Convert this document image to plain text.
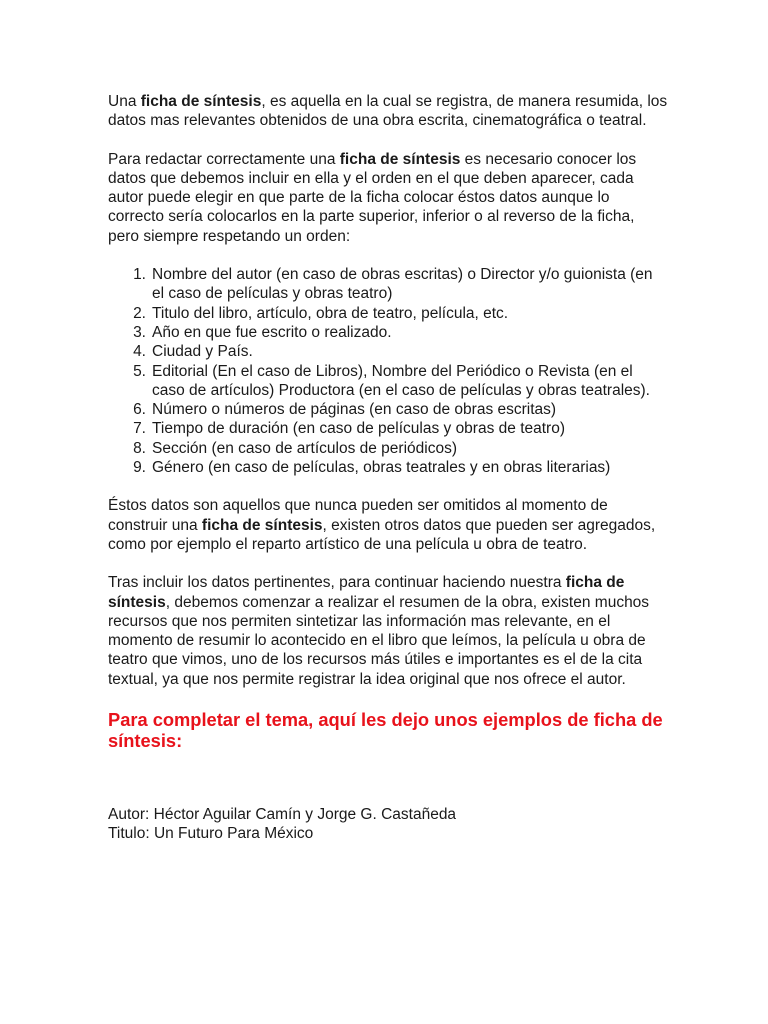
Una ficha de síntesis, es aquella en la cual se registra, de manera resumida, los datos mas relevantes obtenidos de una obra escrita, cinematográfica o teatral.

Para redactar correctamente una ficha de síntesis es necesario conocer los datos que debemos incluir en ella y el orden en el que deben aparecer, cada autor puede elegir en que parte de la ficha colocar éstos datos aunque lo correcto sería colocarlos en la parte superior, inferior o al reverso de la ficha, pero siempre respetando un orden:

1. Nombre del autor (en caso de obras escritas) o Director y/o guionista (en el caso de películas y obras teatro)
2. Titulo del libro, artículo, obra de teatro, película, etc.
3. Año en que fue escrito o realizado.
4. Ciudad y País.
5. Editorial (En el caso de Libros), Nombre del Periódico o Revista (en el caso de artículos) Productora (en el caso de películas y obras teatrales).
6. Número o números de páginas (en caso de obras escritas)
7. Tiempo de duración (en caso de películas y obras de teatro)
8. Sección (en caso de artículos de periódicos)
9. Género (en caso de películas, obras teatrales y en obras literarias)

Éstos datos son aquellos que nunca pueden ser omitidos al momento de construir una ficha de síntesis, existen otros datos que pueden ser agregados, como por ejemplo el reparto artístico de una película u obra de teatro.

Tras incluir los datos pertinentes, para continuar haciendo nuestra ficha de síntesis, debemos comenzar a realizar el resumen de la obra, existen muchos recursos que nos permiten sintetizar las información mas relevante, en el momento de resumir lo acontecido en el libro que leímos, la película u obra de teatro que vimos, uno de los recursos más útiles e importantes es el de la cita textual, ya que nos permite registrar la idea original que nos ofrece el autor.

Para completar el tema, aquí les dejo unos ejemplos de ficha de síntesis:

Autor: Héctor Aguilar Camín y Jorge G. Castañeda

Titulo: Un Futuro Para México
